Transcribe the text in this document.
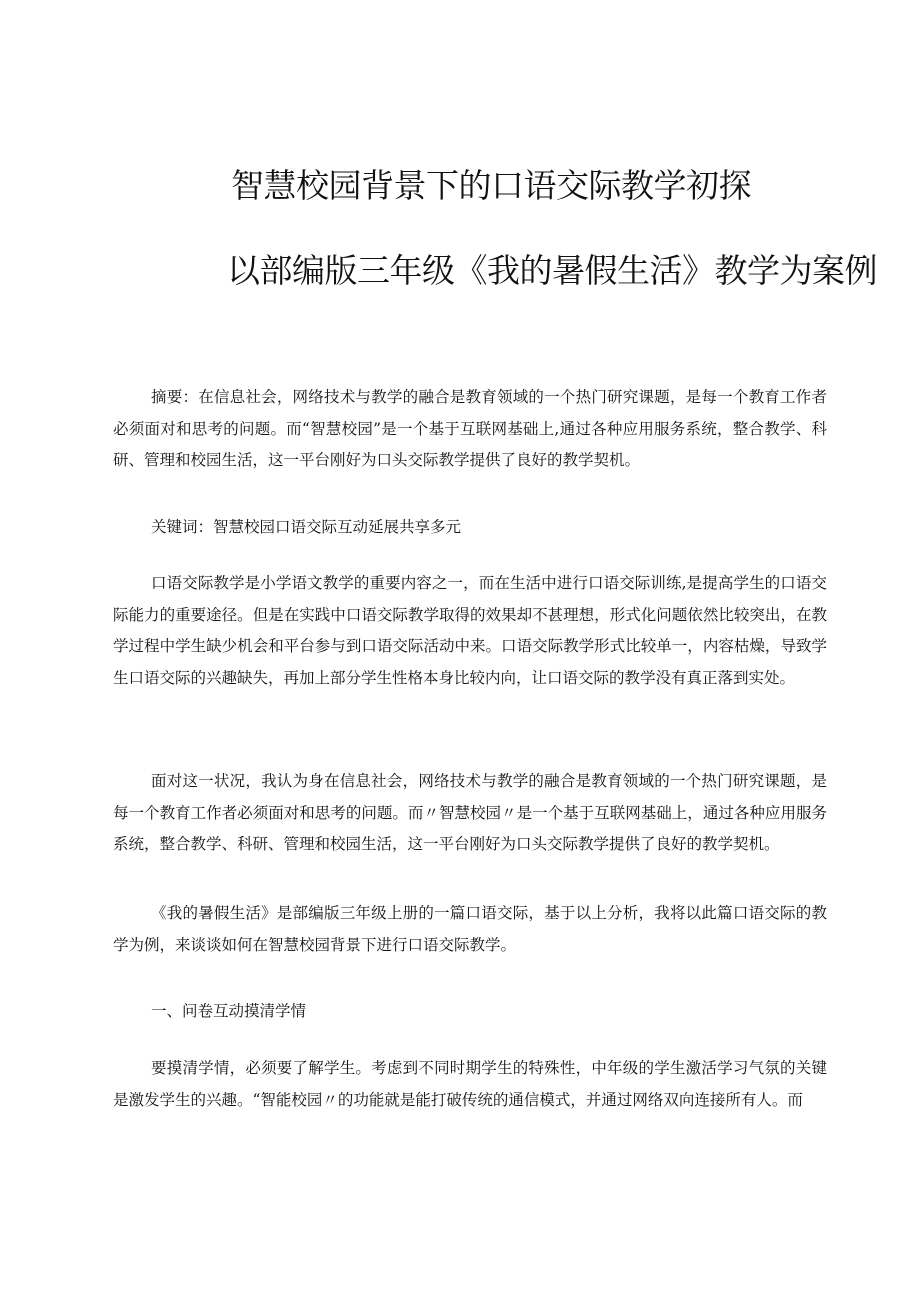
智慧校园背景下的口语交际教学初探
以部编版三年级《我的暑假生活》教学为案例

摘要：在信息社会，网络技术与教学的融合是教育领域的一个热门研究课题，是每一个教育工作者必须面对和思考的问题。而“智慧校园”是一个基于互联网基础上,通过各种应用服务系统，整合教学、科研、管理和校园生活，这一平台刚好为口头交际教学提供了良好的教学契机。

关键词：智慧校园口语交际互动延展共享多元

口语交际教学是小学语文教学的重要内容之一，而在生活中进行口语交际训练,是提高学生的口语交际能力的重要途径。但是在实践中口语交际教学取得的效果却不甚理想，形式化问题依然比较突出，在教学过程中学生缺少机会和平台参与到口语交际活动中来。口语交际教学形式比较单一，内容枯燥，导致学生口语交际的兴趣缺失，再加上部分学生性格本身比较内向，让口语交际的教学没有真正落到实处。

面对这一状况，我认为身在信息社会，网络技术与教学的融合是教育领域的一个热门研究课题，是每一个教育工作者必须面对和思考的问题。而〃智慧校园〃是一个基于互联网基础上，通过各种应用服务系统，整合教学、科研、管理和校园生活，这一平台刚好为口头交际教学提供了良好的教学契机。

《我的暑假生活》是部编版三年级上册的一篇口语交际，基于以上分析，我将以此篇口语交际的教学为例，来谈谈如何在智慧校园背景下进行口语交际教学。

一、问卷互动摸清学情

要摸清学情，必须要了解学生。考虑到不同时期学生的特殊性，中年级的学生激活学习气氛的关键是激发学生的兴趣。“智能校园〃的功能就是能打破传统的通信模式，并通过网络双向连接所有人。而
